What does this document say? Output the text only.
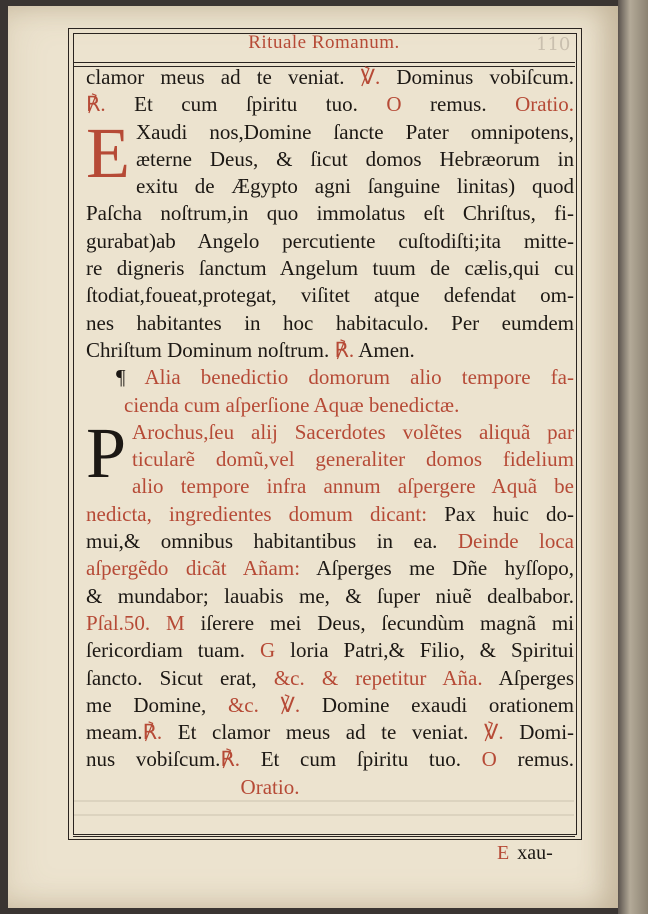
110
Rituale Romanum.
clamor meus ad te veniat. ℣. Dominus vobiſcum.
℟. Et cum ſpiritu tuo. O remus. Oratio.
E Xaudi nos,Domine ſancte Pater omnipotens,
æterne Deus, & ſicut domos Hebræorum in
exitu de Ægypto agni ſanguine linitas) quod
Paſcha noſtrum,in quo immolatus eſt Chriſtus, fi-
gurabat)ab Angelo percutiente cuſtodiſti;ita mitte-
re digneris ſanctum Angelum tuum de cælis,qui cu
ſtodiat,foueat,protegat, viſitet atque defendat om-
nes habitantes in hoc habitaculo. Per eumdem
Chriſtum Dominum noſtrum. ℟. Amen.
¶ Alia benedictio domorum alio tempore fa-
cienda cum aſperſione Aquæ benedictæ.
P Arochus,ſeu alij Sacerdotes volẽtes aliquã par
ticularẽ domũ,vel generaliter domos fidelium
alio tempore infra annum aſpergere Aquã be
nedicta, ingredientes domum dicant: Pax huic do-
mui,& omnibus habitantibus in ea. Deinde loca
aſpergẽdo dicãt Añam: Aſperges me Dñe hyſſopo,
& mundabor; lauabis me, & ſuper niuẽ dealbabor.
Pſal.50. M iſerere mei Deus, ſecundùm magnã mi
ſericordiam tuam. G loria Patri,& Filio, & Spiritui
ſancto. Sicut erat, &c. & repetitur Aña. Aſperges
me Domine, &c. ℣. Domine exaudi orationem
meam.℟. Et clamor meus ad te veniat. ℣. Domi-
nus vobiſcum.℟. Et cum ſpiritu tuo. O remus.
Oratio.
E xau-
